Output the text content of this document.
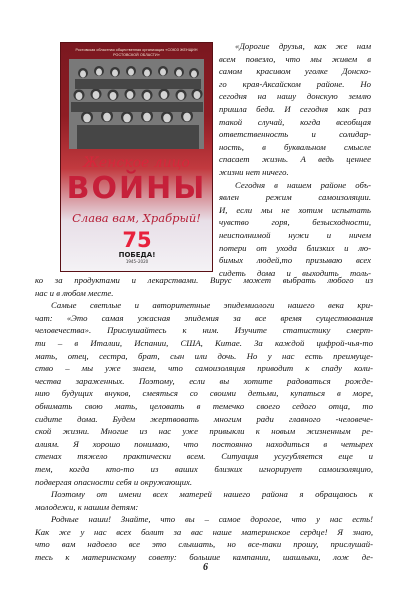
Ростовская областная общественная организация «СОЮЗ ЖЕНЩИН РОСТОВСКОЙ ОБЛАСТИ»
Женское лицо
ВОЙНЫ
Слава вам, Храбрый!
75
ПОБЕДА!
1945–2020
«Дорогие друзья, как же нам
всем повезло, что мы живем в
самом красивом уголке Донско-
го края-Аксайском районе. Но
сегодня на нашу донскую землю
пришла беда. И сегодня как раз
такой случай, когда всеобщая
ответственность и солидар-
ность, в буквальном смысле
спасает жизнь. А ведь ценнее
жизни нет ничего.
Сегодня в нашем районе объ-
явлен режим самоизоляции.
И, если мы не хотим испытать
чувство горя, безысходности,
неисполнимой нужи и ничем
потери от ухода близких и лю-
бимых людей,то призываю всех
сидеть дома и выходить толь-
ко за продуктами и лекарствами. Вирус может выбрать любого из
нас и в любом месте.
Самые светлые и авторитетные эпидемиологи нашего века кри-
чат: «Это самая ужасная эпидемия за все время существования
человечества». Прислушайтесь к ним. Изучите статистику смерт-
ти – в Италии, Испании, США, Китае. За каждой цифрой-чья-то
мать, отец, сестра, брат, сын или дочь. Но у нас есть преимуще-
ство – мы уже знаем, что самоизоляция приводит к спаду коли-
чества зараженных. Поэтому, если вы хотите радоваться рожде-
нию будущих внуков, смеяться со своими детьми, купаться в море,
обнимать свою мать, целовать в темечко своего седого отца, то
сидите дома. Будем жертвовать многим ради главного -человече-
ской жизни. Многие из нас уже привыкли к новым жизненным ре-
алиям. Я хорошо понимаю, что постоянно находиться в четырех
стенах тяжело практически всем. Ситуация усугубляется еще и
тем, когда кто-то из ваших близких игнорирует самоизоляцию,
подвергая опасности себя и окружающих.
Поэтому от имени всех матерей нашего района я обращаюсь к
молодежи, к нашим детям:
Родные наши! Знайте, что вы – самое дорогое, что у нас есть!
Как же у нас всех болит за вас наше материнское сердце! Я знаю,
что вам надоело все это слышать, но все-таки прошу, прислушай-
тесь к материнскому совету: большие кампании, шашлыки, лож де-
6
